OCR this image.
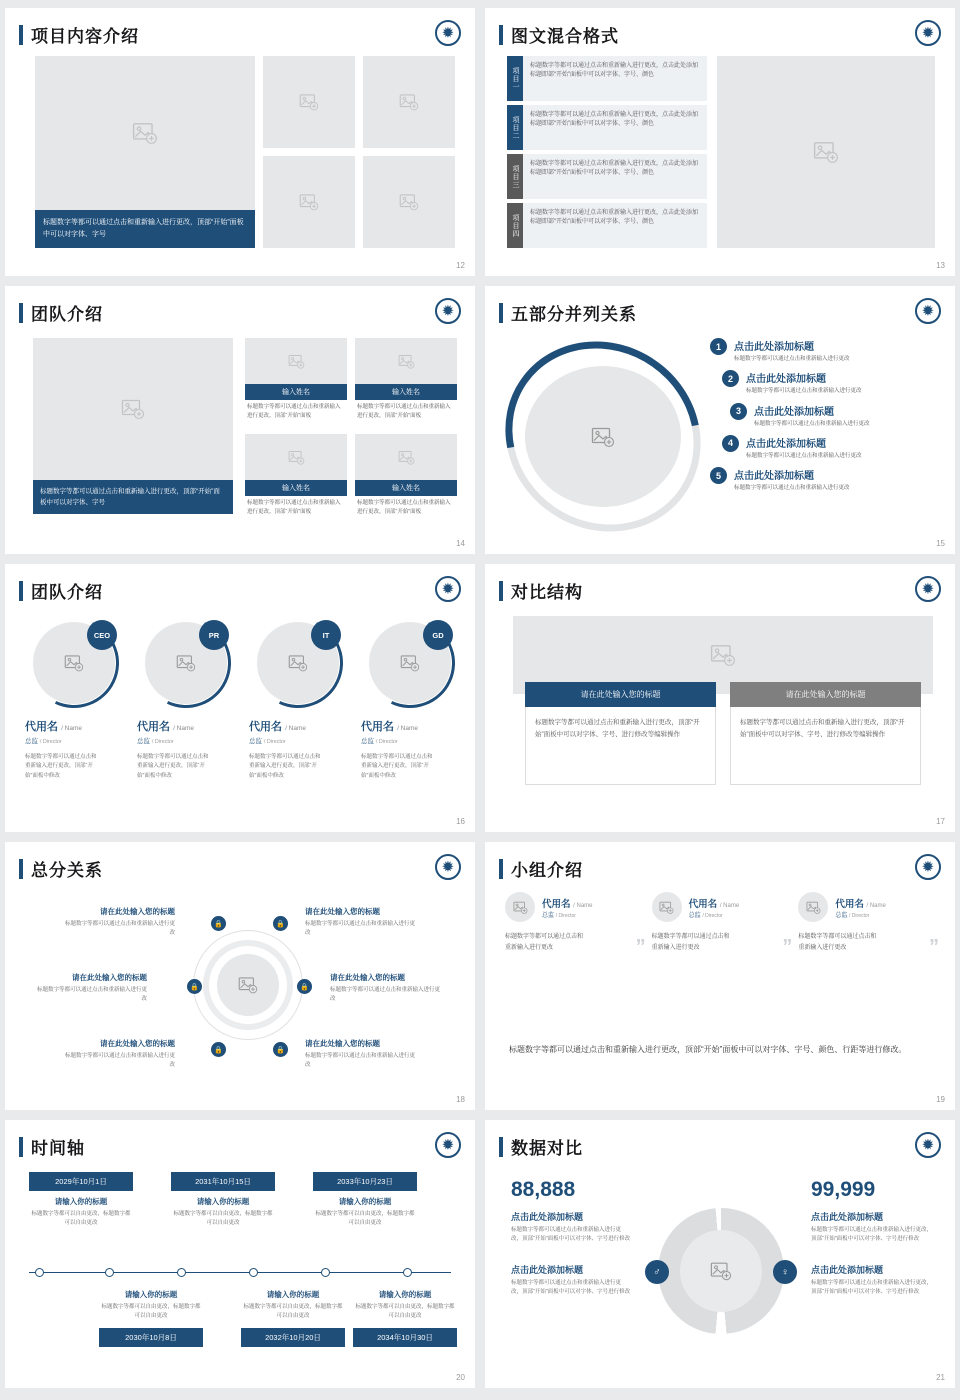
项目内容介绍	✹
标题数字等都可以通过点击和重新输入进行更改，顶部“开始”面板中可以对字体、字号
12
图文混合格式	✹
项目一
标题数字等都可以通过点击和重新输入进行更改，点击此处添加标题即部“开始”面板中可以对字体、字号、颜色
项目二
标题数字等都可以通过点击和重新输入进行更改，点击此处添加标题即部“开始”面板中可以对字体、字号、颜色
项目三
标题数字等都可以通过点击和重新输入进行更改，点击此处添加标题即部“开始”面板中可以对字体、字号、颜色
项目四
标题数字等都可以通过点击和重新输入进行更改，点击此处添加标题即部“开始”面板中可以对字体、字号、颜色
13
团队介绍	✹
标题数字等都可以通过点击和重新输入进行更改，顶部“开始”面板中可以对字体、字号
输入姓名
标题数字等都可以通过点击和重新输入进行更改，顶部“开始”面板
输入姓名
标题数字等都可以通过点击和重新输入进行更改，顶部“开始”面板
输入姓名
标题数字等都可以通过点击和重新输入进行更改，顶部“开始”面板
输入姓名
标题数字等都可以通过点击和重新输入进行更改，顶部“开始”面板
14
五部分并列关系	✹
1	点击此处添加标题
标题数字等都可以通过点击和重新输入进行更改
2	点击此处添加标题
标题数字等都可以通过点击和重新输入进行更改
3	点击此处添加标题
标题数字等都可以通过点击和重新输入进行更改
4	点击此处添加标题
标题数字等都可以通过点击和重新输入进行更改
5	点击此处添加标题
标题数字等都可以通过点击和重新输入进行更改
15
团队介绍	✹
CEO
代用名 / Name
总监 / Director
标题数字等都可以通过点击和重新输入进行更改，顶部“开始”面板中修改
PR
代用名 / Name
总监 / Director
标题数字等都可以通过点击和重新输入进行更改，顶部“开始”面板中修改
IT
代用名 / Name
总监 / Director
标题数字等都可以通过点击和重新输入进行更改，顶部“开始”面板中修改
GD
代用名 / Name
总监 / Director
标题数字等都可以通过点击和重新输入进行更改，顶部“开始”面板中修改
16
对比结构	✹
请在此处输入您的标题
标题数字等都可以通过点击和重新输入进行更改，顶部“开始”面板中可以对字体、字号、进行修改等编辑操作
请在此处输入您的标题
标题数字等都可以通过点击和重新输入进行更改，顶部“开始”面板中可以对字体、字号、进行修改等编辑操作
17
总分关系	✹
🔒	🔒
🔒	🔒
🔒	🔒
请在此处输入您的标题
标题数字等都可以通过点击和重新输入进行更改
请在此处输入您的标题
标题数字等都可以通过点击和重新输入进行更改
请在此处输入您的标题
标题数字等都可以通过点击和重新输入进行更改
请在此处输入您的标题
标题数字等都可以通过点击和重新输入进行更改
请在此处输入您的标题
标题数字等都可以通过点击和重新输入进行更改
请在此处输入您的标题
标题数字等都可以通过点击和重新输入进行更改
18
小组介绍	✹
代用名 / Name
总监 / Director
标题数字等都可以通过点击和重新输入进行更改	”
代用名 / Name
总监 / Director
标题数字等都可以通过点击和重新输入进行更改	”
代用名 / Name
总监 / Director
标题数字等都可以通过点击和重新输入进行更改	”
标题数字等都可以通过点击和重新输入进行更改，顶部“开始”面板中可以对字体、字号、颜色、行距等进行修改。
19
时间轴	✹
2029年10月1日
请输入你的标题
标题数字等都可以自由更改，标题数字都可以自由更改
2031年10月15日
请输入你的标题
标题数字等都可以自由更改，标题数字都可以自由更改
2033年10月23日
请输入你的标题
标题数字等都可以自由更改，标题数字都可以自由更改
请输入你的标题
标题数字等都可以自由更改，标题数字都可以自由更改
2030年10月8日
请输入你的标题
标题数字等都可以自由更改，标题数字都可以自由更改
2032年10月20日
请输入你的标题
标题数字等都可以自由更改，标题数字都可以自由更改
2034年10月30日
20
数据对比	✹
88,888
点击此处添加标题
标题数字等都可以通过点击和重新输入进行更改，顶部“开始”面板中可以对字体、字号进行修改
点击此处添加标题
标题数字等都可以通过点击和重新输入进行更改，顶部“开始”面板中可以对字体、字号进行修改
♂	♀
99,999
点击此处添加标题
标题数字等都可以通过点击和重新输入进行更改，顶部“开始”面板中可以对字体、字号进行修改
点击此处添加标题
标题数字等都可以通过点击和重新输入进行更改，顶部“开始”面板中可以对字体、字号进行修改
21
